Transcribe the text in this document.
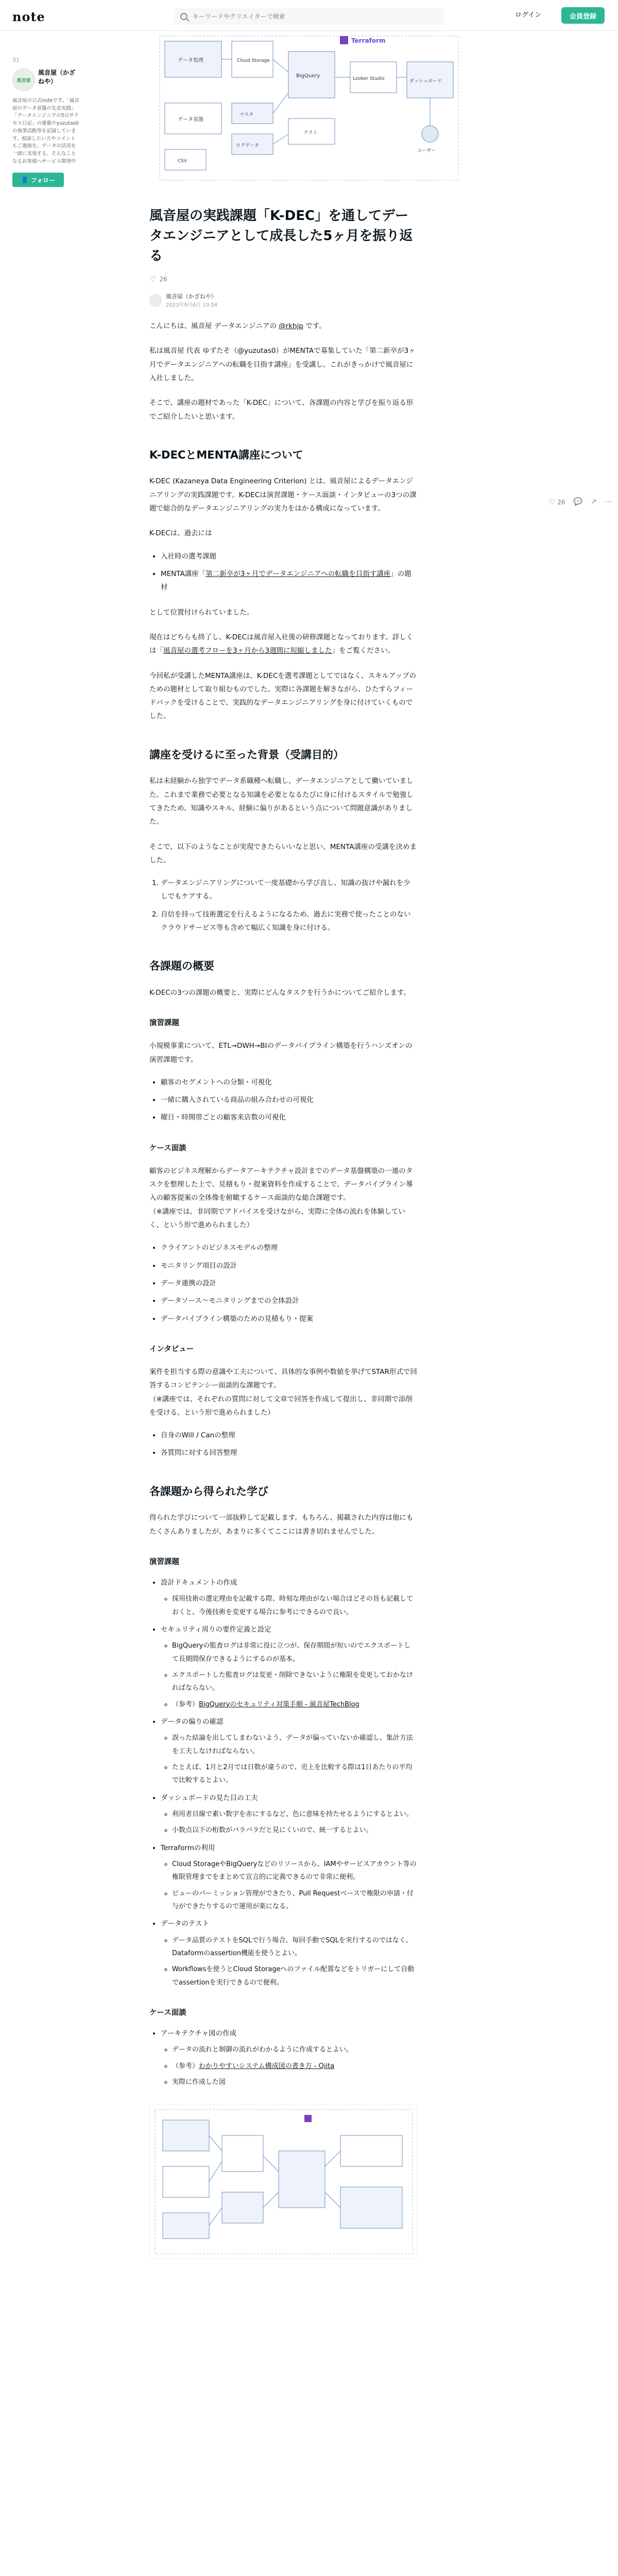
note
キーワードやクリエイターで検索	ログイン	会員登録
31
風音屋
風音屋（かざねや）
風音屋の公式noteです。「風音屋のデータ基盤の先史実践」「データエンジニアの5日サクセス日記」の連載やyuzutas0の執筆活動等を記録しています。相談したい方やコメントもご連絡を。データの活用を一緒に実現する、そんなことなるお客様へサービス開発中
👤 フォロー
データ処理	Cloud Storage
BigQuery	Looker Studio	ダッシュボード
ユーザー
データ基盤
マスタ
ログデータ
CSV
テスト
Terraform
♡ 26 💬 ↗ ⋯
風音屋の実践課題「K-DEC」を通してデータエンジニアとして成長した5ヶ月を振り返る
♡ 26
風音屋（かざねや）
2023年9月6日 10:54

こんにちは、風音屋 データエンジニアの @rkhjp です。

私は風音屋 代表 ゆずたそ（@yuzutas0）がMENTAで募集していた「第二新卒が3ヶ月でデータエンジニアへの転職を目指す講座」を受講し、これがきっかけで風音屋に入社しました。

そこで、講座の題材であった「K-DEC」について、各課題の内容と学びを振り返る形でご紹介したいと思います。

K-DECとMENTA講座について

K-DEC (Kazaneya Data Engineering Criterion) とは、風音屋によるデータエンジニアリングの実践課題です。K-DECは演習課題・ケース面談・インタビューの3つの課題で総合的なデータエンジニアリングの実力をはかる構成になっています。

K-DECは、過去には

• 入社時の選考課題
• MENTA講座「第二新卒が3ヶ月でデータエンジニアへの転職を目指す講座」の題材

として位置付けられていました。

現在はどちらも終了し、K-DECは風音屋入社後の研修課題となっております。詳しくは「風音屋の選考フローを3ヶ月から3週間に短縮しました」をご覧ください。

今回私が受講したMENTA講座は、K-DECを選考課題としてではなく、スキルアップのための題材として取り組むものでした。実際に各課題を解きながら、ひたすらフィードバックを受けることで、実践的なデータエンジニアリングを身に付けていくものでした。

講座を受けるに至った背景（受講目的）

私は未経験から独学でデータ系職種へ転職し、データエンジニアとして働いていました。これまで業務で必要となる知識を必要となるたびに身に付けるスタイルで勉強してきたため、知識やスキル、経験に偏りがあるという点について問題意識がありました。

そこで、以下のようなことが実現できたらいいなと思い、MENTA講座の受講を決めました。

1. データエンジニアリングについて一度基礎から学び直し、知識の抜けや漏れを少しでもケアする。
2. 自信を持って技術選定を行えるようになるため、過去に実務で使ったことのないクラウドサービス等も含めて幅広く知識を身に付ける。
各課題の概要

K-DECの3つの課題の概要と、実際にどんなタスクを行うかについてご紹介します。

演習課題

小規模事業について、ETL→DWH→BIのデータパイプライン構築を行うハンズオンの演習課題です。

• 顧客のセグメントへの分類・可視化
• 一緒に購入されている商品の組み合わせの可視化
• 曜日・時間帯ごとの顧客来店数の可視化
ケース面談

顧客のビジネス理解からデータアーキテクチャ設計までのデータ基盤構築の一連のタスクを整理した上で、見積もり・提案資料を作成することで、データパイプライン導入の顧客提案の全体像を俯瞰するケース面談的な総合課題です。
（※講座では、非同期でアドバイスを受けながら、実際に全体の流れを体験していく、という形で進められました）

• クライアントのビジネスモデルの整理
• モニタリング項目の設計
• データ連携の設計
• データソース〜モニタリングまでの全体設計
• データパイプライン構築のための見積もり・提案
インタビュー

案件を担当する際の意識や工夫について、具体的な事例や数値を挙げてSTAR形式で回答するコンピテンシー面談的な課題です。
（※講座では、それぞれの質問に対して文章で回答を作成して提出し、非同期で添削を受ける、という形で進められました）

• 自身のWill / Canの整理
• 各質問に対する回答整理
各課題から得られた学び

得られた学びについて一部抜粋して記載します。もちろん、掲載された内容は他にもたくさんありましたが、あまりに多くてここには書き切れませんでした。

演習課題
• 設計ドキュメントの作成
◦ 採用技術の選定理由を記載する際、時刻な理由がない場合ほどその旨も記載しておくと、今後技術を変更する場合に参考にできるので良い。
• セキュリティ周りの要件定義と設定
◦ BigQueryの監査ログは非常に役に立つが、保存期間が短いのでエクスポートして長期間保存できるようにするのが基本。
◦ エクスポートした監査ログは変更・削除できないように権限を変更しておかなければならない。
◦ （参考）BigQueryのセキュリティ対策手順 - 風音屋TechBlog
• データの偏りの確認
◦ 誤った結論を出してしまわないよう、データが偏っていないか確認し、集計方法を工夫しなければならない。
◦ たとえば、1月と2月では日数が違うので、売上を比較する際は1日あたりの平均で比較するとよい。
• ダッシュボードの見た目の工夫
◦ 利用者目線で素い数字を赤にするなど、色に意味を持たせるようにするとよい。
◦ 小数点以下の桁数がバラバラだと見にくいので、統一するとよい。
• Terraformの利用
◦ Cloud StorageやBigQueryなどのリソースから、IAMやサービスアカウント等の権限管理までをまとめて宣言的に定義できるので非常に便利。
◦ ビューのパーミッション管理ができたり、Pull Requestベースで権限の申請・付与ができたりするので運用が楽になる。
• データのテスト
◦ データ品質のテストをSQLで行う場合、毎回手動でSQLを実行するのではなく、Dataformのassertion機能を使うとよい。
◦ Workflowsを使うとCloud Storageへのファイル配置などをトリガーにして自動でassertionを実行できるので便利。
ケース面談
• アーキテクチャ図の作成
◦ データの流れと制御の流れがわかるように作成するとよい。
◦ （参考）わかりやすいシステム構成図の書き方 - Qiita
◦ 実際に作成した図
